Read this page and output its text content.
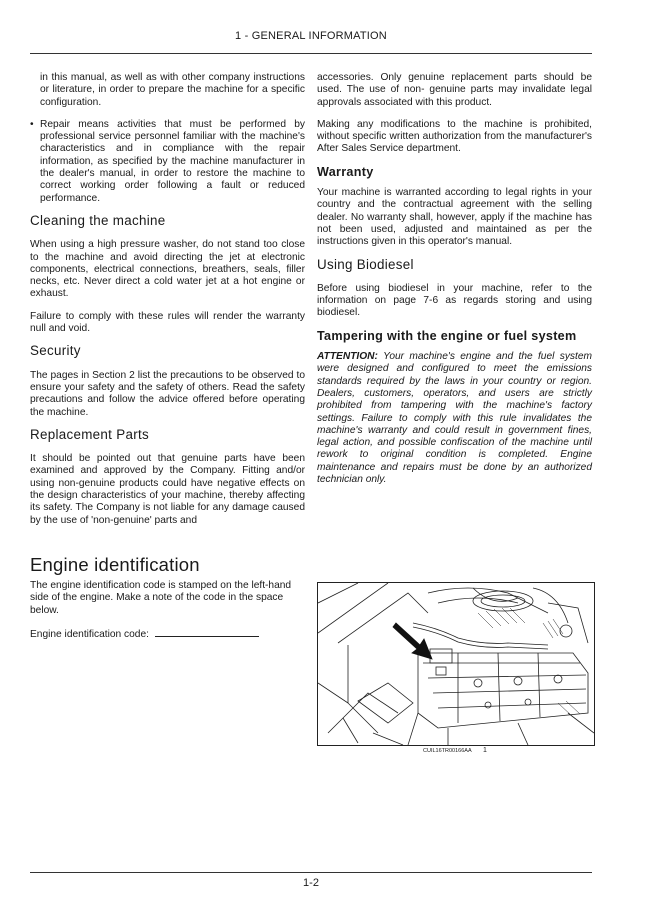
1 - GENERAL INFORMATION

in this manual, as well as with other company instructions or literature, in order to prepare the machine for a specific configuration.

• Repair means activities that must be performed by professional service personnel familiar with the machine's characteristics and in compliance with the repair information, as specified by the machine manufacturer in the dealer's manual, in order to restore the machine to correct working order following a fault or reduced performance.

Cleaning the machine

When using a high pressure washer, do not stand too close to the machine and avoid directing the jet at electronic components, electrical connections, breathers, seals, filler necks, etc. Never direct a cold water jet at a hot engine or exhaust.

Failure to comply with these rules will render the warranty null and void.

Security

The pages in Section 2 list the precautions to be observed to ensure your safety and the safety of others. Read the safety precautions and follow the advice offered before operating the machine.

Replacement Parts

It should be pointed out that genuine parts have been examined and approved by the Company. Fitting and/or using non-genuine products could have negative effects on the design characteristics of your machine, thereby affecting its safety. The Company is not liable for any damage caused by the use of 'non-genuine' parts and

accessories. Only genuine replacement parts should be used. The use of non- genuine parts may invalidate legal approvals associated with this product.

Making any modifications to the machine is prohibited, without specific written authorization from the manufacturer's After Sales Service department.

Warranty

Your machine is warranted according to legal rights in your country and the contractual agreement with the selling dealer. No warranty shall, however, apply if the machine has not been used, adjusted and maintained as per the instructions given in this operator's manual.

Using Biodiesel

Before using biodiesel in your machine, refer to the information on page 7-6 as regards storing and using biodiesel.

Tampering with the engine or fuel system

ATTENTION: Your machine's engine and the fuel system were designed and configured to meet the emissions standards required by the laws in your country or region. Dealers, customers, operators, and users are strictly prohibited from tampering with the machine's factory settings. Failure to comply with this rule invalidates the machine's warranty and could result in government fines, legal action, and possible confiscation of the machine until rework to original condition is completed. Engine maintenance and repairs must be done by an authorized technician only.

Engine identification

The engine identification code is stamped on the left-hand side of the engine. Make a note of the code in the space below.

Engine identification code:

CUIL16TR00166AA 1
1-2
